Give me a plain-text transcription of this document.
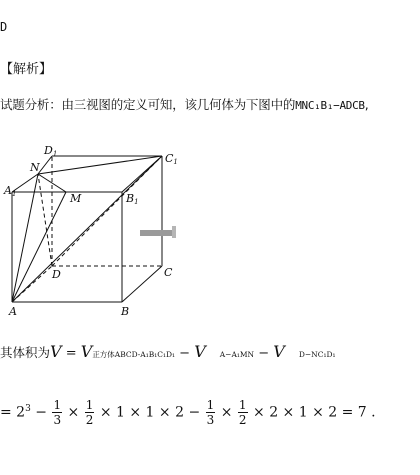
D
【解析】
试题分析：由三视图的定义可知，该几何体为下图中的MNC₁B₁−ADCB,
N
D1	C1
A1	M	B1
D	C
A	B
其体积为V = V正方体ABCD-A₁B₁C₁D₁ − V A−A₁MN − V D−NC₁D₁
= $2^3 - \frac{1}{3} \times \frac{1}{2} \times 1 \times 1 \times 2 - \frac{1}{3} \times \frac{1}{2} \times 2 \times 1 \times 2 = 7$ .
